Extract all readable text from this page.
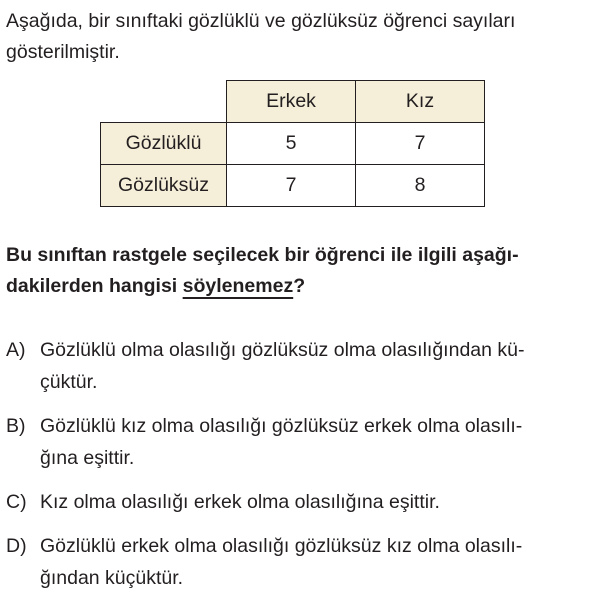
Aşağıda, bir sınıftaki gözlüklü ve gözlüksüz öğrenci sayıları
gösterilmiştir.
	Erkek	Kız
Gözlüklü	5	7
Gözlüksüz	7	8
Bu sınıftan rastgele seçilecek bir öğrenci ile ilgili aşağı-
dakilerden hangisi söylenemez?
A) Gözlüklü olma olasılığı gözlüksüz olma olasılığından kü-
çüktür.
B) Gözlüklü kız olma olasılığı gözlüksüz erkek olma olasılı-
ğına eşittir.
C) Kız olma olasılığı erkek olma olasılığına eşittir.
D) Gözlüklü erkek olma olasılığı gözlüksüz kız olma olasılı-
ğından küçüktür.
